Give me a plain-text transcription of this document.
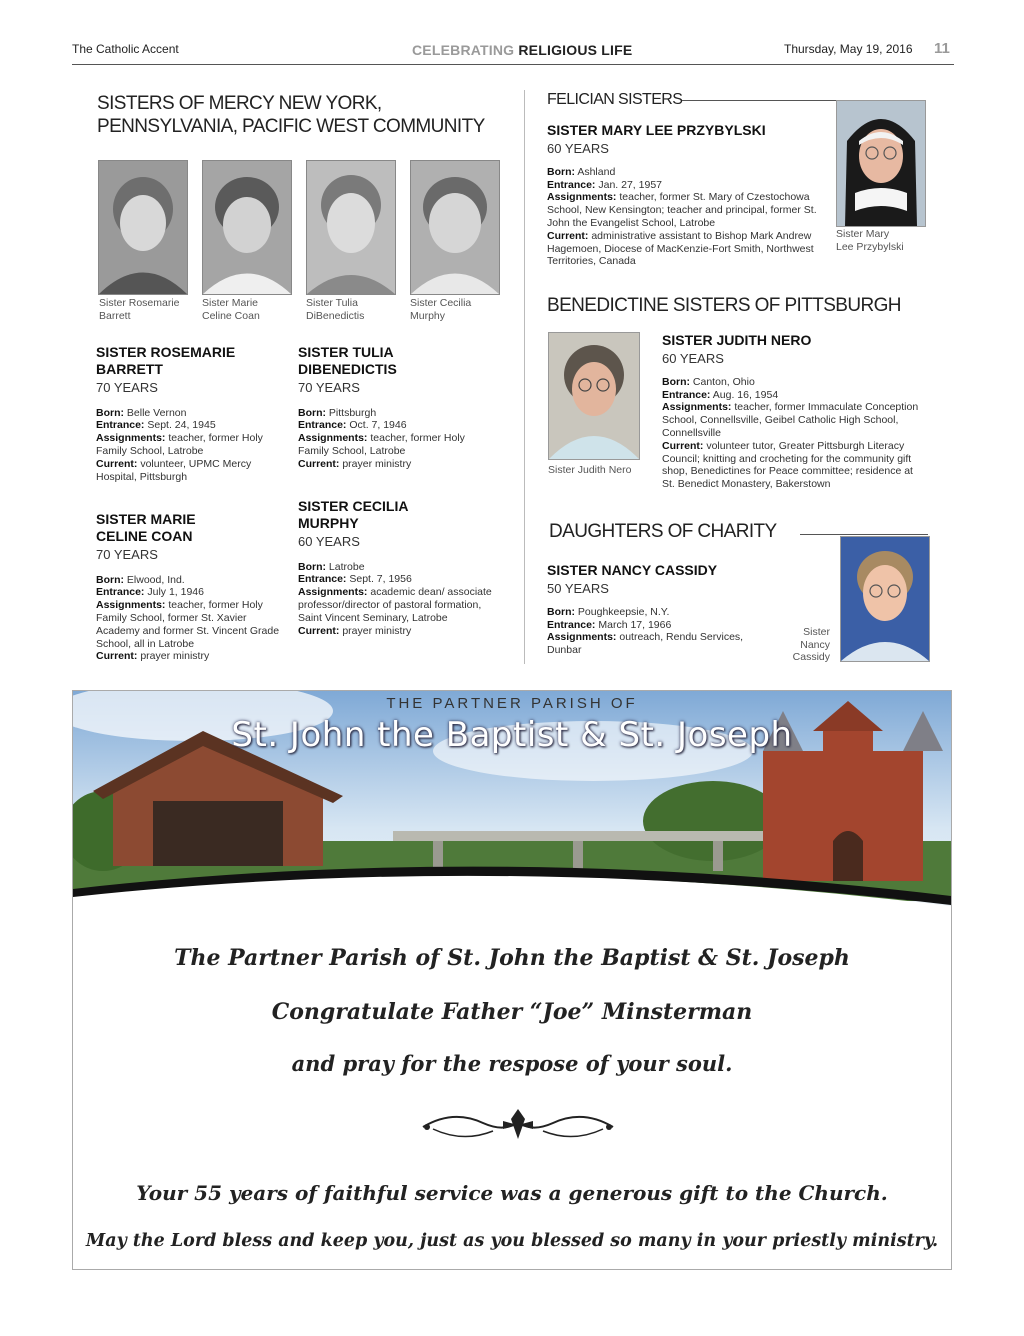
The Catholic Accent	CELEBRATING RELIGIOUS LIFE	Thursday, May 19, 2016 11
SISTERS OF MERCY NEW YORK,
PENNSYLVANIA, PACIFIC WEST COMMUNITY
Sister Rosemarie
Barrett
Sister Marie
Celine Coan
Sister Tulia
DiBenedictis
Sister Cecilia
Murphy
SISTER ROSEMARIE
BARRETT
70 YEARS
Born: Belle Vernon
Entrance: Sept. 24, 1945
Assignments: teacher, former Holy Family School, Latrobe
Current: volunteer, UPMC Mercy Hospital, Pittsburgh
SISTER MARIE
CELINE COAN
70 YEARS
Born: Elwood, Ind.
Entrance: July 1, 1946
Assignments: teacher, former Holy Family School, former St. Xavier Academy and former St. Vincent Grade School, all in Latrobe
Current: prayer ministry
SISTER TULIA
DIBENEDICTIS
70 YEARS
Born: Pittsburgh
Entrance: Oct. 7, 1946
Assignments: teacher, former Holy Family School, Latrobe
Current: prayer ministry
SISTER CECILIA
MURPHY
60 YEARS
Born: Latrobe
Entrance: Sept. 7, 1956
Assignments: academic dean/ associate professor/director of pastoral formation, Saint Vincent Seminary, Latrobe
Current: prayer ministry
FELICIAN SISTERS
SISTER MARY LEE PRZYBYLSKI
60 YEARS
Born: Ashland
Entrance: Jan. 27, 1957
Assignments: teacher, former St. Mary of Czestochowa School, New Kensington; teacher and principal, former St. John the Evangelist School, Latrobe
Current: administrative assistant to Bishop Mark Andrew Hagemoen, Diocese of MacKenzie-Fort Smith, Northwest Territories, Canada
Sister Mary
Lee Przybylski
BENEDICTINE SISTERS OF PITTSBURGH
Sister Judith Nero
SISTER JUDITH NERO
60 YEARS
Born: Canton, Ohio
Entrance: Aug. 16, 1954
Assignments: teacher, former Immaculate Conception School, Connellsville, Geibel Catholic High School, Connellsville
Current: volunteer tutor, Greater Pittsburgh Literacy Council; knitting and crocheting for the community gift shop, Benedictines for Peace committee; residence at St. Benedict Monastery, Bakerstown
DAUGHTERS OF CHARITY
SISTER NANCY CASSIDY
50 YEARS
Born: Poughkeepsie, N.Y.
Entrance: March 17, 1966
Assignments: outreach, Rendu Services, Dunbar
Sister
Nancy
Cassidy
THE PARTNER PARISH OF
St. John the Baptist & St. Joseph
The Partner Parish of St. John the Baptist & St. Joseph
Congratulate Father “Joe” Minsterman
and pray for the respose of your soul.
Your 55 years of faithful service was a generous gift to the Church.
May the Lord bless and keep you, just as you blessed so many in your priestly ministry.
